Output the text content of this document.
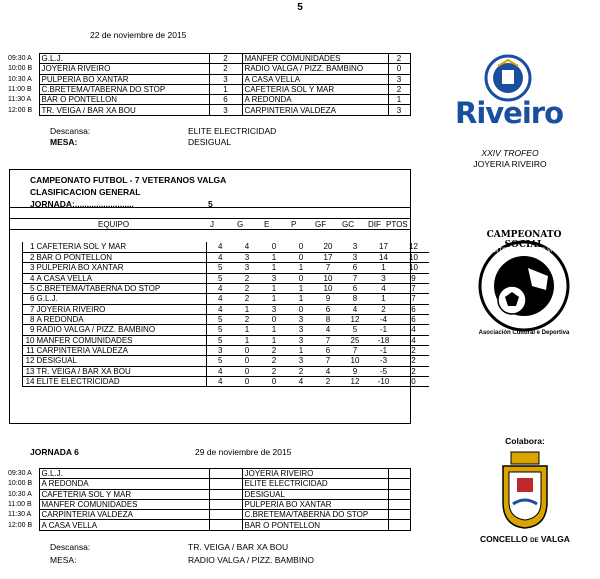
5
22 de noviembre de 2015
09:30 A	G.L.J.	2	MANFER COMUNIDADES	2
10:00 B	JOYERIA RIVEIRO	2	RADIO VALGA / PIZZ. BAMBINO	0
10:30 A	PULPERIA BO XANTAR	3	A CASA VELLA	3
11:00 B	C.BRETEMA/TABERNA DO STOP	1	CAFETERIA SOL Y MAR	2
11:30 A	BAR O PONTELLON	6	A REDONDA	1
12:00 B	TR. VEIGA / BAR XA BOU	3	CARPINTERIA VALDEZA	3
Descansa:	ELITE ELECTRICIDAD
MESA:	DESIGUAL
Riveiro
XXIV TROFEO
JOYERIA RIVEIRO
CAMPEONATO FUTBOL - 7 VETERANOS VALGA
CLASIFICACION GENERAL
JORNADA:.........................	5
EQUIPO	J	G	E	P GF GC DIF PTOS
1	CAFETERIA SOL Y MAR	4	4	0	0	20	3	17	12
2	BAR O PONTELLON	4	3	1	0	17	3	14	10
3	PULPERIA BO XANTAR	5	3	1	1	7	6	1	10
4	A CASA VELLA	5	2	3	0	10	7	3	9
5	C.BRETEMA/TABERNA DO STOP	4	2	1	1	10	6	4	7
6	G.L.J.	4	2	1	1	9	8	1	7
7	JOYERIA RIVEIRO	4	1	3	0	6	4	2	6
8	A REDONDA	5	2	0	3	8	12	-4	6
9	RADIO VALGA / PIZZ. BAMBINO	5	1	1	3	4	5	-1	4
10	MANFER COMUNIDADES	5	1	1	3	7	25	-18	4
11	CARPINTERIA VALDEZA	3	0	2	1	6	7	-1	2
12	DESIGUAL	5	0	2	3	7	10	-3	2
13	TR. VEIGA / BAR XA BOU	4	0	2	2	4	9	-5	2
14	ELITE ELECTRICIDAD	4	0	0	4	2	12	-10	0
CAMPEONATO SOCIAL
FUTBITO VETERANOS VALGA
Asociación Cultural e Deportiva
JORNADA 6	29 de noviembre de 2015
09:30 A	G.L.J.		JOYERIA RIVEIRO	
10:00 B	A REDONDA		ELITE ELECTRICIDAD	
10:30 A	CAFETERIA SOL Y MAR		DESIGUAL	
11:00 B	MANFER COMUNIDADES		PULPERIA BO XANTAR	
11:30 A	CARPINTERIA VALDEZA		C.BRETEMA/TABERNA DO STOP	
12:00 B	A CASA VELLA		BAR O PONTELLON	
Descansa:	TR. VEIGA / BAR XA BOU
MESA:	RADIO VALGA / PIZZ. BAMBINO
Colabora:
CONCELLO DE VALGA
